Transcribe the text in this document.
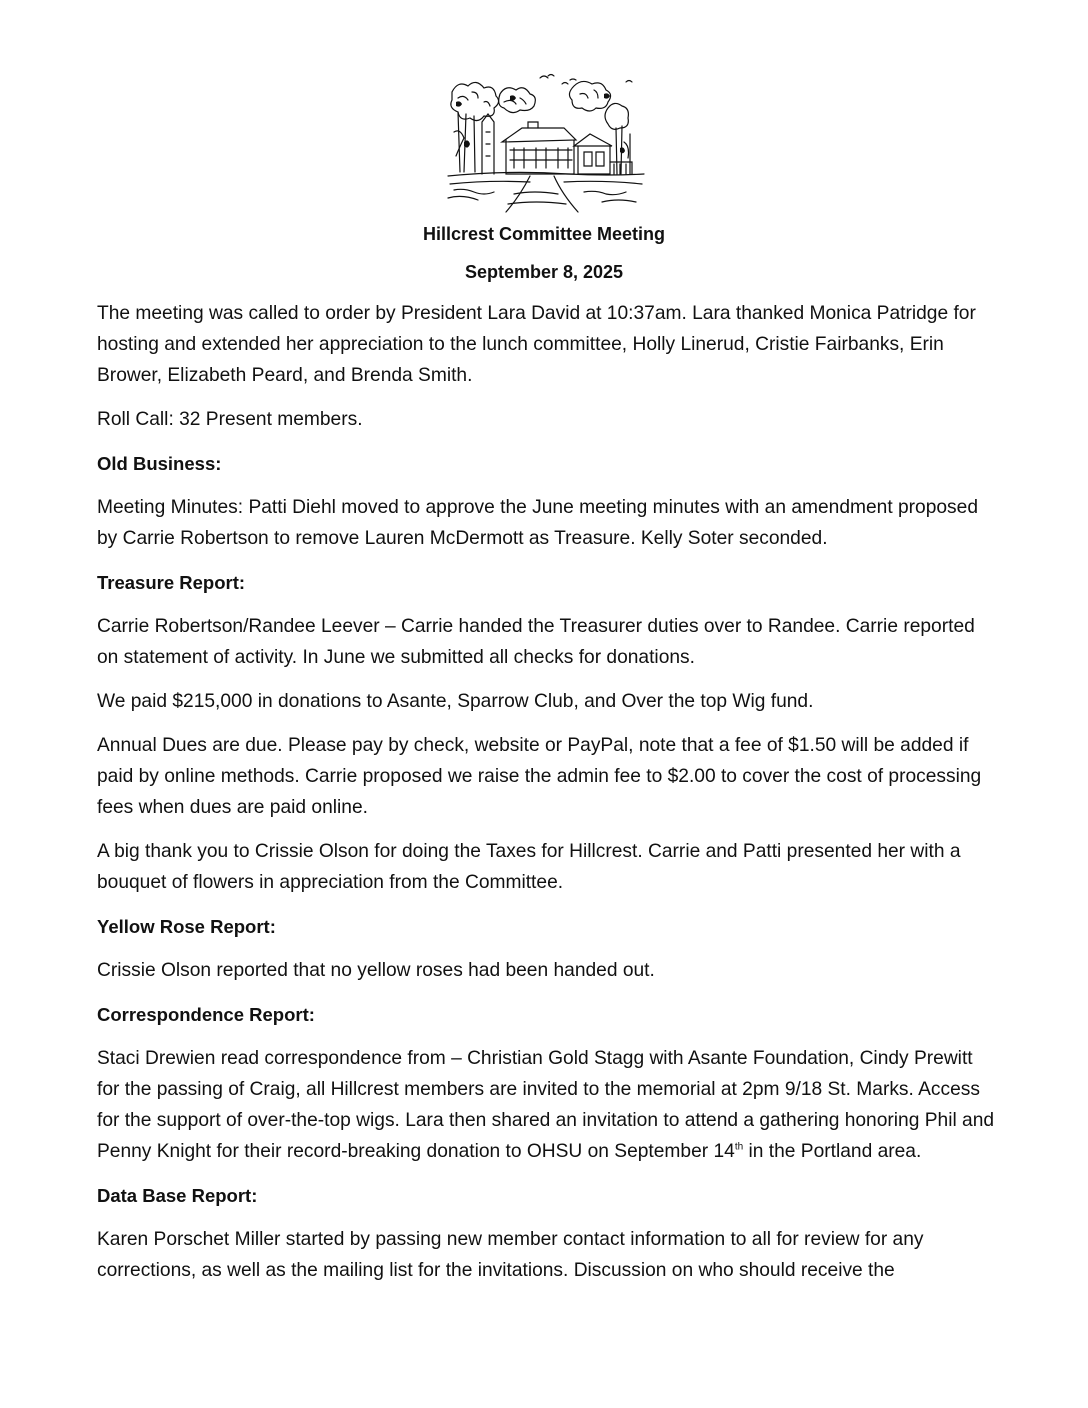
Hillcrest Committee Meeting
September 8, 2025

The meeting was called to order by President Lara David at 10:37am. Lara thanked Monica Patridge for hosting and extended her appreciation to the lunch committee, Holly Linerud, Cristie Fairbanks, Erin Brower, Elizabeth Peard, and Brenda Smith.

Roll Call: 32 Present members.

Old Business:

Meeting Minutes: Patti Diehl moved to approve the June meeting minutes with an amendment proposed by Carrie Robertson to remove Lauren McDermott as Treasure. Kelly Soter seconded.

Treasure Report:

Carrie Robertson/Randee Leever – Carrie handed the Treasurer duties over to Randee. Carrie reported on statement of activity. In June we submitted all checks for donations.

We paid $215,000 in donations to Asante, Sparrow Club, and Over the top Wig fund.

Annual Dues are due. Please pay by check, website or PayPal, note that a fee of $1.50 will be added if paid by online methods. Carrie proposed we raise the admin fee to $2.00 to cover the cost of processing fees when dues are paid online.

A big thank you to Crissie Olson for doing the Taxes for Hillcrest. Carrie and Patti presented her with a bouquet of flowers in appreciation from the Committee.

Yellow Rose Report:

Crissie Olson reported that no yellow roses had been handed out.

Correspondence Report:

Staci Drewien read correspondence from – Christian Gold Stagg with Asante Foundation, Cindy Prewitt for the passing of Craig, all Hillcrest members are invited to the memorial at 2pm 9/18 St. Marks. Access for the support of over-the-top wigs. Lara then shared an invitation to attend a gathering honoring Phil and Penny Knight for their record-breaking donation to OHSU on September 14th in the Portland area.

Data Base Report:

Karen Porschet Miller started by passing new member contact information to all for review for any corrections, as well as the mailing list for the invitations. Discussion on who should receive the
